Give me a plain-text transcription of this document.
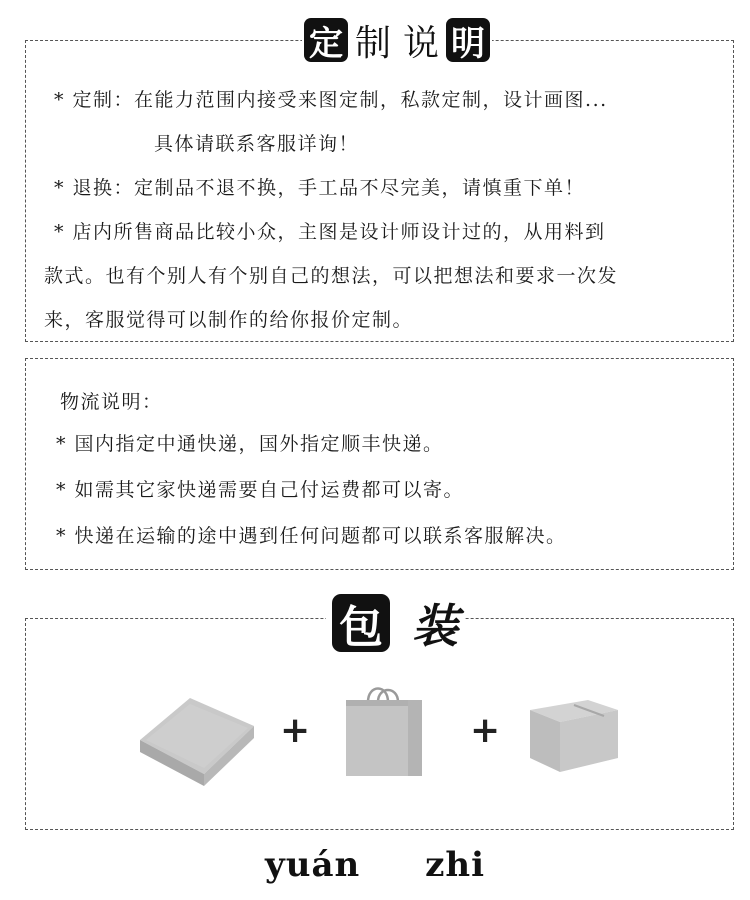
* 定制：在能力范围内接受来图定制，私款定制，设计画图...
具体请联系客服详询！
* 退换：定制品不退不换，手工品不尽完美，请慎重下单！
* 店内所售商品比较小众，主图是设计师设计过的，从用料到
款式。也有个别人有个别自己的想法，可以把想法和要求一次发
来，客服觉得可以制作的给你报价定制。
定 制 说 明
物流说明：
* 国内指定中通快递，国外指定顺丰快递。
* 如需其它家快递需要自己付运费都可以寄。
* 快递在运输的途中遇到任何问题都可以联系客服解决。
包 装
+	+
yuán zhi
